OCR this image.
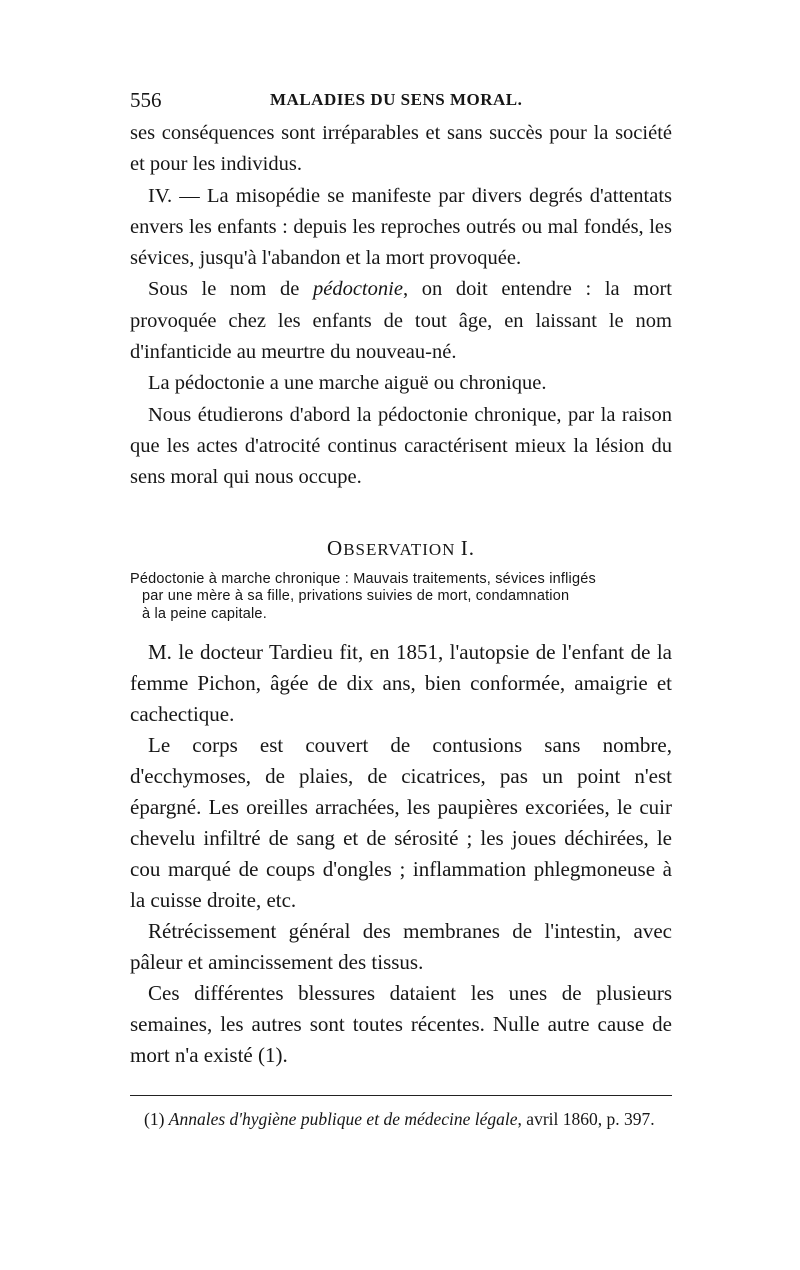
556	MALADIES DU SENS MORAL.

ses conséquences sont irréparables et sans succès pour la société et pour les individus.

IV. — La misopédie se manifeste par divers degrés d'attentats envers les enfants : depuis les reproches outrés ou mal fondés, les sévices, jusqu'à l'abandon et la mort provoquée.

Sous le nom de pédoctonie, on doit entendre : la mort provoquée chez les enfants de tout âge, en laissant le nom d'infanticide au meurtre du nouveau-né.

La pédoctonie a une marche aiguë ou chronique.

Nous étudierons d'abord la pédoctonie chronique, par la raison que les actes d'atrocité continus caractérisent mieux la lésion du sens moral qui nous occupe.

OBSERVATION I.
Pédoctonie à marche chronique : Mauvais traitements, sévices infligés
par une mère à sa fille, privations suivies de mort, condamnation
à la peine capitale.

M. le docteur Tardieu fit, en 1851, l'autopsie de l'enfant de la femme Pichon, âgée de dix ans, bien conformée, amaigrie et cachectique.

Le corps est couvert de contusions sans nombre, d'ecchymoses, de plaies, de cicatrices, pas un point n'est épargné. Les oreilles arrachées, les paupières excoriées, le cuir chevelu infiltré de sang et de sérosité ; les joues déchirées, le cou marqué de coups d'ongles ; inflammation phlegmoneuse à la cuisse droite, etc.

Rétrécissement général des membranes de l'intestin, avec pâleur et amincissement des tissus.

Ces différentes blessures dataient les unes de plusieurs semaines, les autres sont toutes récentes. Nulle autre cause de mort n'a existé (1).

(1) Annales d'hygiène publique et de médecine légale, avril 1860, p. 397.
